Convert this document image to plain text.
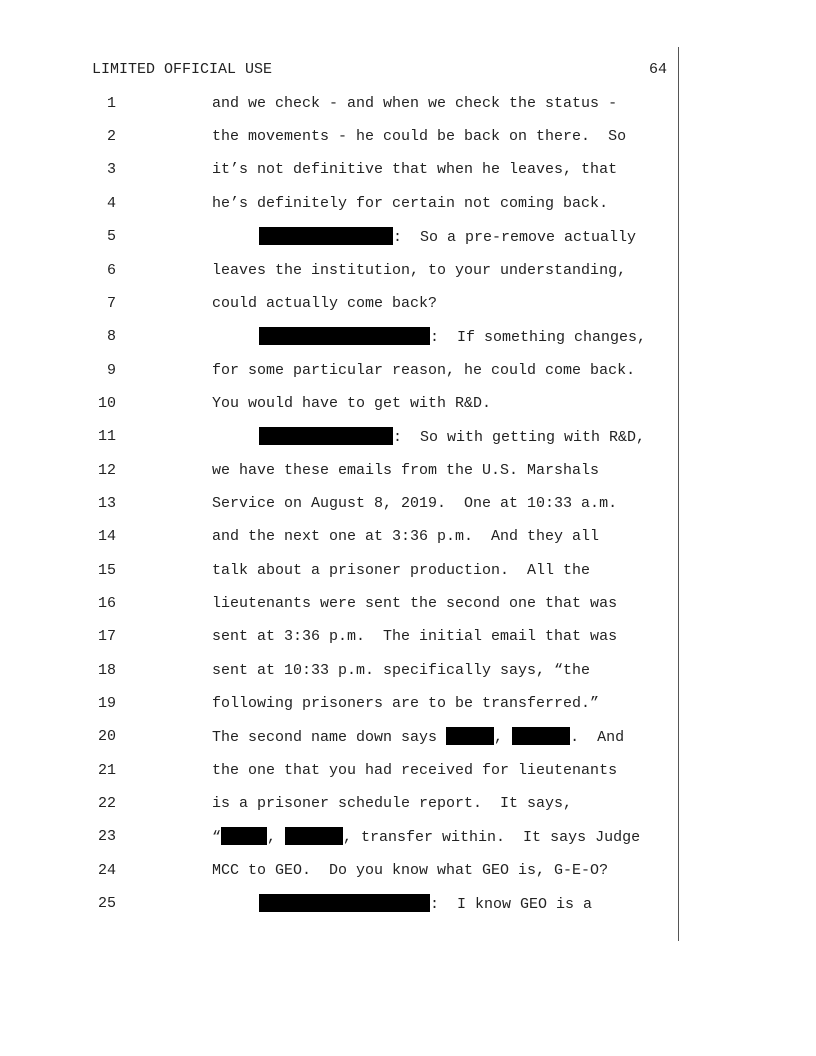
LIMITED OFFICIAL USE	64
1	and we check - and when we check the status -
2	the movements - he could be back on there.  So
3	it’s not definitive that when he leaves, that
4	he’s definitely for certain not coming back.
5	:  So a pre-remove actually
6	leaves the institution, to your understanding,
7	could actually come back?
8	:  If something changes,
9	for some particular reason, he could come back.
10	You would have to get with R&D.
11	:  So with getting with R&D,
12	we have these emails from the U.S. Marshals
13	Service on August 8, 2019.  One at 10:33 a.m.
14	and the next one at 3:36 p.m.  And they all
15	talk about a prisoner production.  All the
16	lieutenants were sent the second one that was
17	sent at 3:36 p.m.  The initial email that was
18	sent at 10:33 p.m. specifically says, “the
19	following prisoners are to be transferred.”
20	The second name down says	,	.  And
21	the one that you had received for lieutenants
22	is a prisoner schedule report.  It says,
23	“	,	, transfer within.  It says Judge
24	MCC to GEO.  Do you know what GEO is, G-E-O?
25	:  I know GEO is a
